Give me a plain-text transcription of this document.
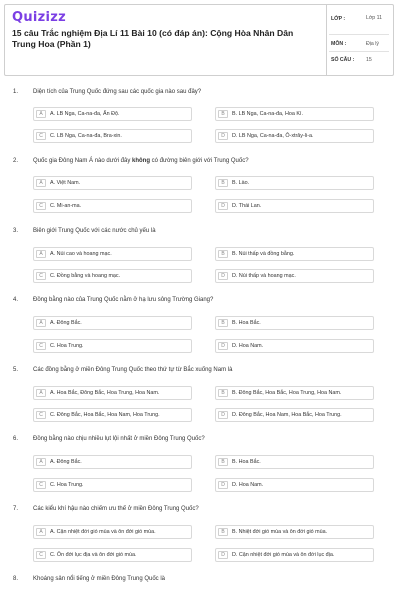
Quizizz
15 câu Trắc nghiệm Địa Lí 11 Bài 10 (có đáp án): Cộng Hòa Nhân Dân Trung Hoa (Phần 1)
LỚP :	Lớp 11
MÔN :	Địa lý
SỐ CÂU : 15
1. Diện tích của Trung Quốc đứng sau các quốc gia nào sau đây?
A	A. LB Nga, Ca-na-đa, Ấn Độ.	B	B. LB Nga, Ca-na-đa, Hoa Kì.
C	C. LB Nga, Ca-na-đa, Bra-xin.	D	D. LB Nga, Ca-na-đa, Ô-xtrây-li-a.
2. Quốc gia Đông Nam Á nào dưới đây không có đường biên giới với Trung Quốc?
A	A. Việt Nam.	B	B. Lào.
C	C. Mi-an-ma.	D	D. Thái Lan.
3. Biên giới Trung Quốc với các nước chủ yếu là
A	A. Núi cao và hoang mạc.	B	B. Núi thấp và đồng bằng.
C	C. Đồng bằng và hoang mạc.	D	D. Núi thấp và hoang mạc.
4. Đồng bằng nào của Trung Quốc nằm ở hạ lưu sông Trường Giang?
A	A. Đông Bắc.	B	B. Hoa Bắc.
C	C. Hoa Trung.	D	D. Hoa Nam.
5. Các đồng bằng ở miền Đông Trung Quốc theo thứ tự từ Bắc xuống Nam là
A	A. Hoa Bắc, Đông Bắc, Hoa Trung, Hoa Nam.	B	B. Đông Bắc, Hoa Bắc, Hoa Trung, Hoa Nam.
C	C. Đông Bắc, Hoa Bắc, Hoa Nam, Hoa Trung.	D	D. Đông Bắc, Hoa Nam, Hoa Bắc, Hoa Trung.
6. Đồng bằng nào chịu nhiều lụt lội nhất ở miền Đông Trung Quốc?
A	A. Đông Bắc.	B	B. Hoa Bắc.
C	C. Hoa Trung.	D	D. Hoa Nam.
7. Các kiểu khí hậu nào chiếm ưu thế ở miền Đông Trung Quốc?
A	A. Cận nhiệt đới gió mùa và ôn đới gió mùa.	B	B. Nhiệt đới gió mùa và ôn đới gió mùa.
C	C. Ôn đới lục địa và ôn đới gió mùa.	D	D. Cận nhiệt đới gió mùa và ôn đới lục địa.
8. Khoáng sản nổi tiếng ở miền Đông Trung Quốc là
